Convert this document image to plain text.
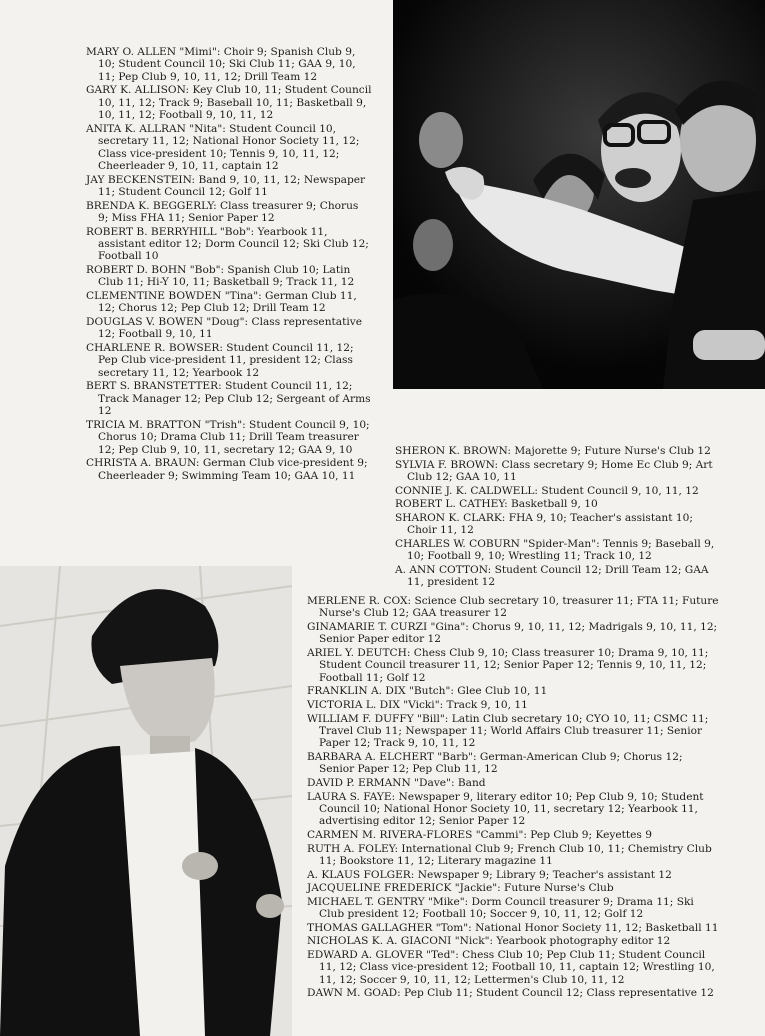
MARY O. ALLEN "Mimi": Choir 9; Spanish Club 9, 10; Student Council 10; Ski Club 11; GAA 9, 10, 11; Pep Club 9, 10, 11, 12; Drill Team 12

GARY K. ALLISON: Key Club 10, 11; Student Council 10, 11, 12; Track 9; Baseball 10, 11; Basketball 9, 10, 11, 12; Football 9, 10, 11, 12

ANITA K. ALLRAN "Nita": Student Council 10, secretary 11, 12; National Honor Society 11, 12; Class vice-president 10; Tennis 9, 10, 11, 12; Cheerleader 9, 10, 11, captain 12

JAY BECKENSTEIN: Band 9, 10, 11, 12; Newspaper 11; Student Council 12; Golf 11

BRENDA K. BEGGERLY: Class treasurer 9; Chorus 9; Miss FHA 11; Senior Paper 12

ROBERT B. BERRYHILL "Bob": Yearbook 11, assistant editor 12; Dorm Council 12; Ski Club 12; Football 10

ROBERT D. BOHN "Bob": Spanish Club 10; Latin Club 11; Hi-Y 10, 11; Basketball 9; Track 11, 12

CLEMENTINE BOWDEN "Tina": German Club 11, 12; Chorus 12; Pep Club 12; Drill Team 12

DOUGLAS V. BOWEN "Doug": Class representative 12; Football 9, 10, 11

CHARLENE R. BOWSER: Student Council 11, 12; Pep Club vice-president 11, president 12; Class secretary 11, 12; Yearbook 12

BERT S. BRANSTETTER: Student Council 11, 12; Track Manager 12; Pep Club 12; Sergeant of Arms 12

TRICIA M. BRATTON "Trish": Student Council 9, 10; Chorus 10; Drama Club 11; Drill Team treasurer 12; Pep Club 9, 10, 11, secretary 12; GAA 9, 10

CHRISTA A. BRAUN: German Club vice-president 9; Cheerleader 9; Swimming Team 10; GAA 10, 11

SHERON K. BROWN: Majorette 9; Future Nurse's Club 12

SYLVIA F. BROWN: Class secretary 9; Home Ec Club 9; Art Club 12; GAA 10, 11

CONNIE J. K. CALDWELL: Student Council 9, 10, 11, 12

ROBERT L. CATHEY: Basketball 9, 10

SHARON K. CLARK: FHA 9, 10; Teacher's assistant 10; Choir 11, 12

CHARLES W. COBURN "Spider-Man": Tennis 9; Baseball 9, 10; Football 9, 10; Wrestling 11; Track 10, 12

A. ANN COTTON: Student Council 12; Drill Team 12; GAA 11, president 12

MERLENE R. COX: Science Club secretary 10, treasurer 11; FTA 11; Future Nurse's Club 12; GAA treasurer 12

GINAMARIE T. CURZI "Gina": Chorus 9, 10, 11, 12; Madrigals 9, 10, 11, 12; Senior Paper editor 12

ARIEL Y. DEUTCH: Chess Club 9, 10; Class treasurer 10; Drama 9, 10, 11; Student Council treasurer 11, 12; Senior Paper 12; Tennis 9, 10, 11, 12; Football 11; Golf 12

FRANKLIN A. DIX "Butch": Glee Club 10, 11

VICTORIA L. DIX "Vicki": Track 9, 10, 11

WILLIAM F. DUFFY "Bill": Latin Club secretary 10; CYO 10, 11; CSMC 11; Travel Club 11; Newspaper 11; World Affairs Club treasurer 11; Senior Paper 12; Track 9, 10, 11, 12

BARBARA A. ELCHERT "Barb": German-American Club 9; Chorus 12; Senior Paper 12; Pep Club 11, 12

DAVID P. ERMANN "Dave": Band

LAURA S. FAYE: Newspaper 9, literary editor 10; Pep Club 9, 10; Student Council 10; National Honor Society 10, 11, secretary 12; Yearbook 11, advertising editor 12; Senior Paper 12

CARMEN M. RIVERA-FLORES "Cammi": Pep Club 9; Keyettes 9

RUTH A. FOLEY: International Club 9; French Club 10, 11; Chemistry Club 11; Bookstore 11, 12; Literary magazine 11

A. KLAUS FOLGER: Newspaper 9; Library 9; Teacher's assistant 12

JACQUELINE FREDERICK "Jackie": Future Nurse's Club

MICHAEL T. GENTRY "Mike": Dorm Council treasurer 9; Drama 11; Ski Club president 12; Football 10; Soccer 9, 10, 11, 12; Golf 12

THOMAS GALLAGHER "Tom": National Honor Society 11, 12; Basketball 11

NICHOLAS K. A. GIACONI "Nick": Yearbook photography editor 12

EDWARD A. GLOVER "Ted": Chess Club 10; Pep Club 11; Student Council 11, 12; Class vice-president 12; Football 10, 11, captain 12; Wrestling 10, 11, 12; Soccer 9, 10, 11, 12; Lettermen's Club 10, 11, 12

DAWN M. GOAD: Pep Club 11; Student Council 12; Class representative 12
